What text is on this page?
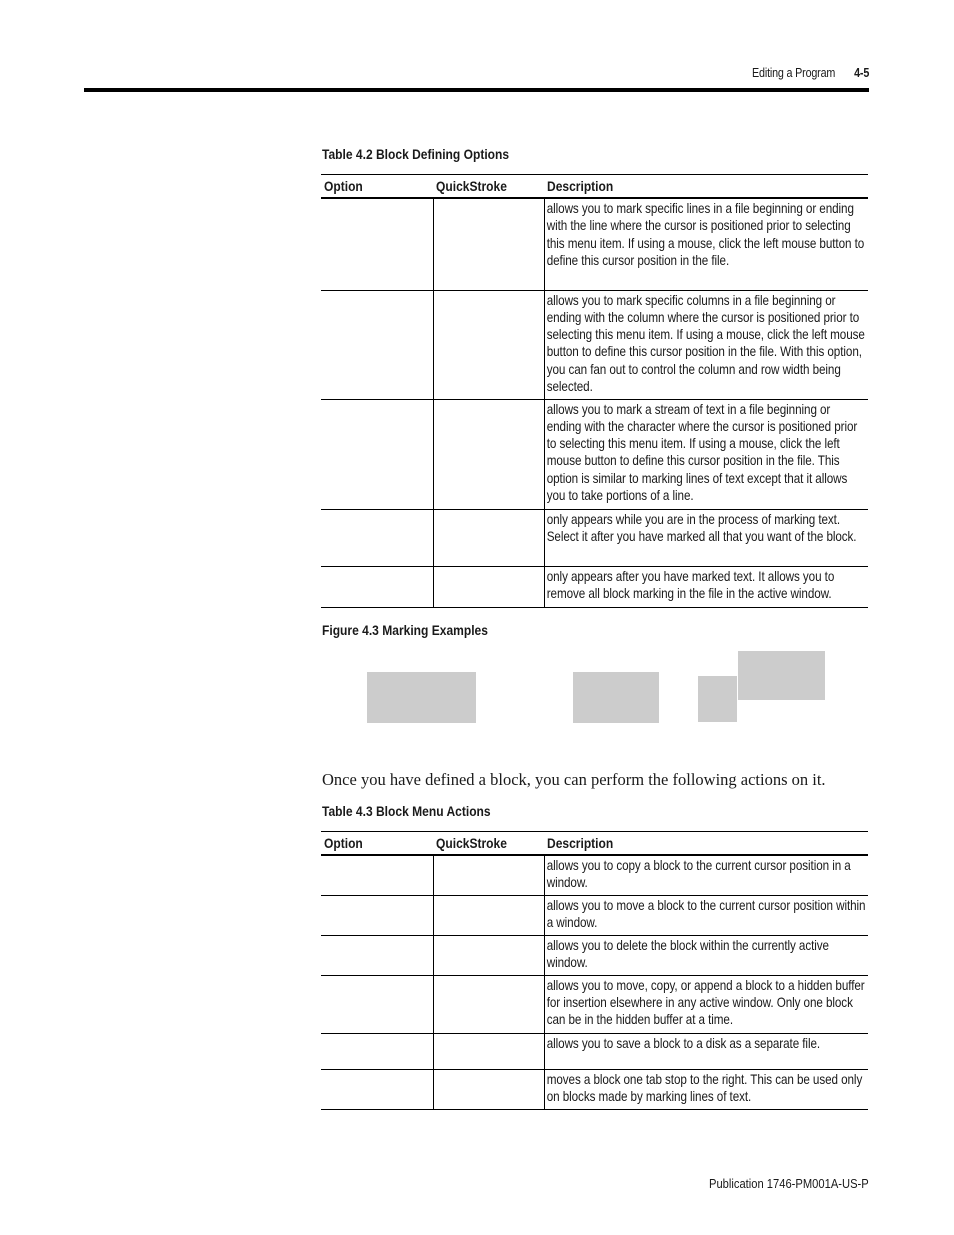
Editing a Program 4-5
Table 4.2 Block Defining Options
Option	QuickStroke	Description

		allows you to mark specific lines in a file beginning or ending with the line where the cursor is positioned prior to selecting this menu item. If using a mouse, click the left mouse button to define this cursor position in the file.

		allows you to mark specific columns in a file beginning or ending with the column where the cursor is positioned prior to selecting this menu item. If using a mouse, click the left mouse button to define this cursor position in the file. With this option, you can fan out to control the column and row width being selected.

		allows you to mark a stream of text in a file beginning or ending with the character where the cursor is positioned prior to selecting this menu item. If using a mouse, click the left mouse button to define this cursor position in the file. This option is similar to marking lines of text except that it allows you to take portions of a line.

		only appears while you are in the process of marking text. Select it after you have marked all that you want of the block.

		only appears after you have marked text. It allows you to remove all block marking in the file in the active window.
Figure 4.3 Marking Examples
Once you have defined a block, you can perform the following actions on it.
Table 4.3 Block Menu Actions
Option	QuickStroke	Description

		allows you to copy a block to the current cursor position in a window.

		allows you to move a block to the current cursor position within a window.

		allows you to delete the block within the currently active window.

		allows you to move, copy, or append a block to a hidden buffer for insertion elsewhere in any active window. Only one block can be in the hidden buffer at a time.

		allows you to save a block to a disk as a separate file.

		moves a block one tab stop to the right. This can be used only on blocks made by marking lines of text.
Publication 1746-PM001A-US-P
